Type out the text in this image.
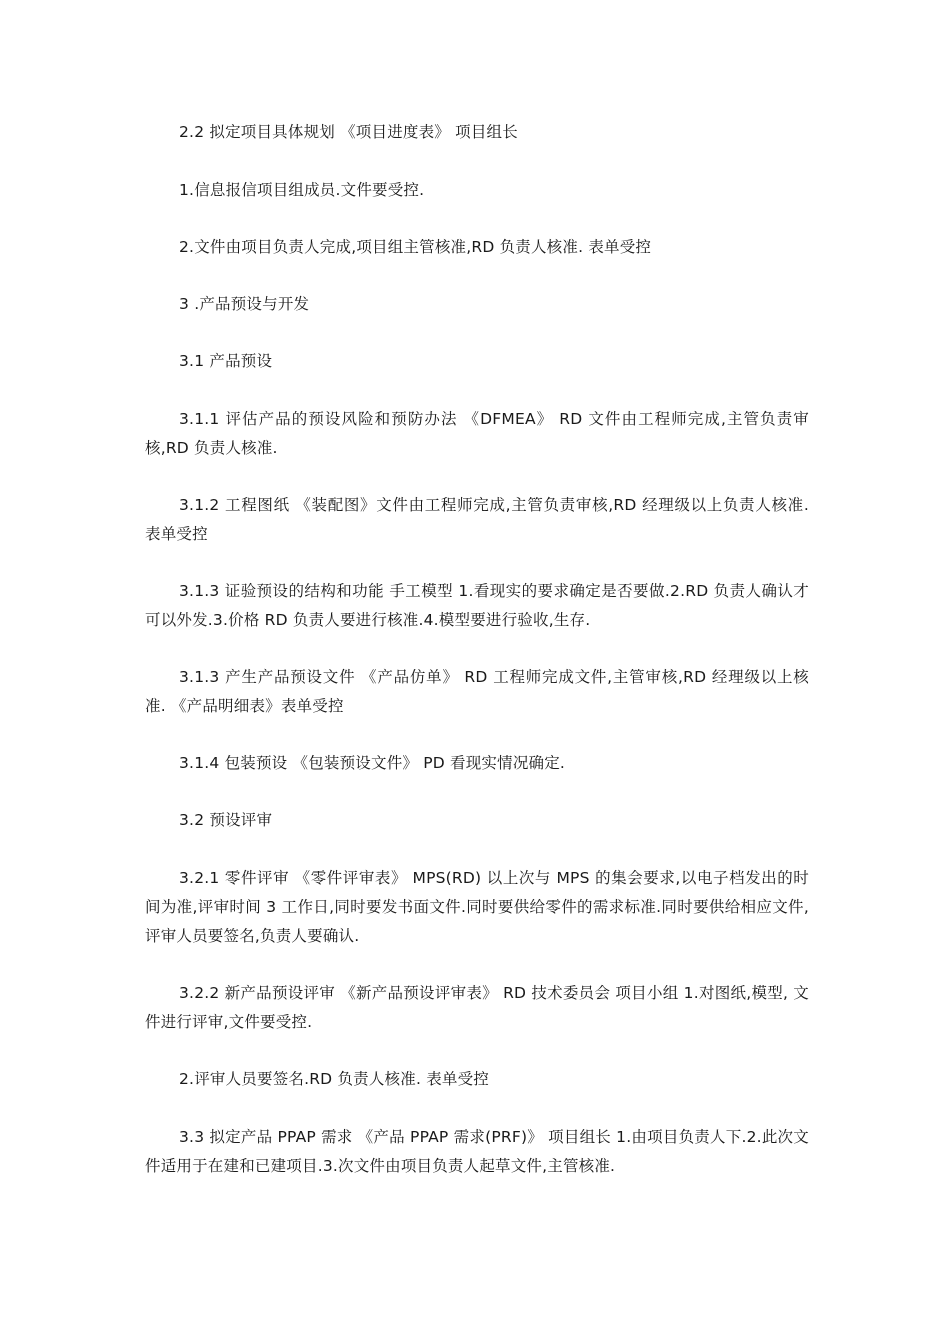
2.2 拟定项目具体规划 《项目进度表》 项目组长

1.信息报信项目组成员.文件要受控.

2.文件由项目负责人完成,项目组主管核准,RD 负责人核准. 表单受控

3 .产品预设与开发

3.1 产品预设

3.1.1 评估产品的预设风险和预防办法 《DFMEA》 RD 文件由工程师完成,主管负责审核,RD 负责人核准.

3.1.2 工程图纸 《装配图》文件由工程师完成,主管负责审核,RD 经理级以上负责人核准. 表单受控

3.1.3 证验预设的结构和功能 手工模型 1.看现实的要求确定是否要做.2.RD 负责人确认才可以外发.3.价格 RD 负责人要进行核准.4.模型要进行验收,生存.

3.1.3 产生产品预设文件 《产品仿单》 RD 工程师完成文件,主管审核,RD 经理级以上核准. 《产品明细表》表单受控

3.1.4 包装预设 《包装预设文件》 PD 看现实情况确定.

3.2 预设评审

3.2.1 零件评审 《零件评审表》 MPS(RD) 以上次与 MPS 的集会要求,以电子档发出的时间为准,评审时间 3 工作日,同时要发书面文件.同时要供给零件的需求标准.同时要供给相应文件,评审人员要签名,负责人要确认.

3.2.2 新产品预设评审 《新产品预设评审表》 RD 技术委员会 项目小组 1.对图纸,模型, 文件进行评审,文件要受控.

2.评审人员要签名.RD 负责人核准. 表单受控

3.3 拟定产品 PPAP 需求 《产品 PPAP 需求(PRF)》 项目组长 1.由项目负责人下.2.此次文件适用于在建和已建项目.3.次文件由项目负责人起草文件,主管核准.
